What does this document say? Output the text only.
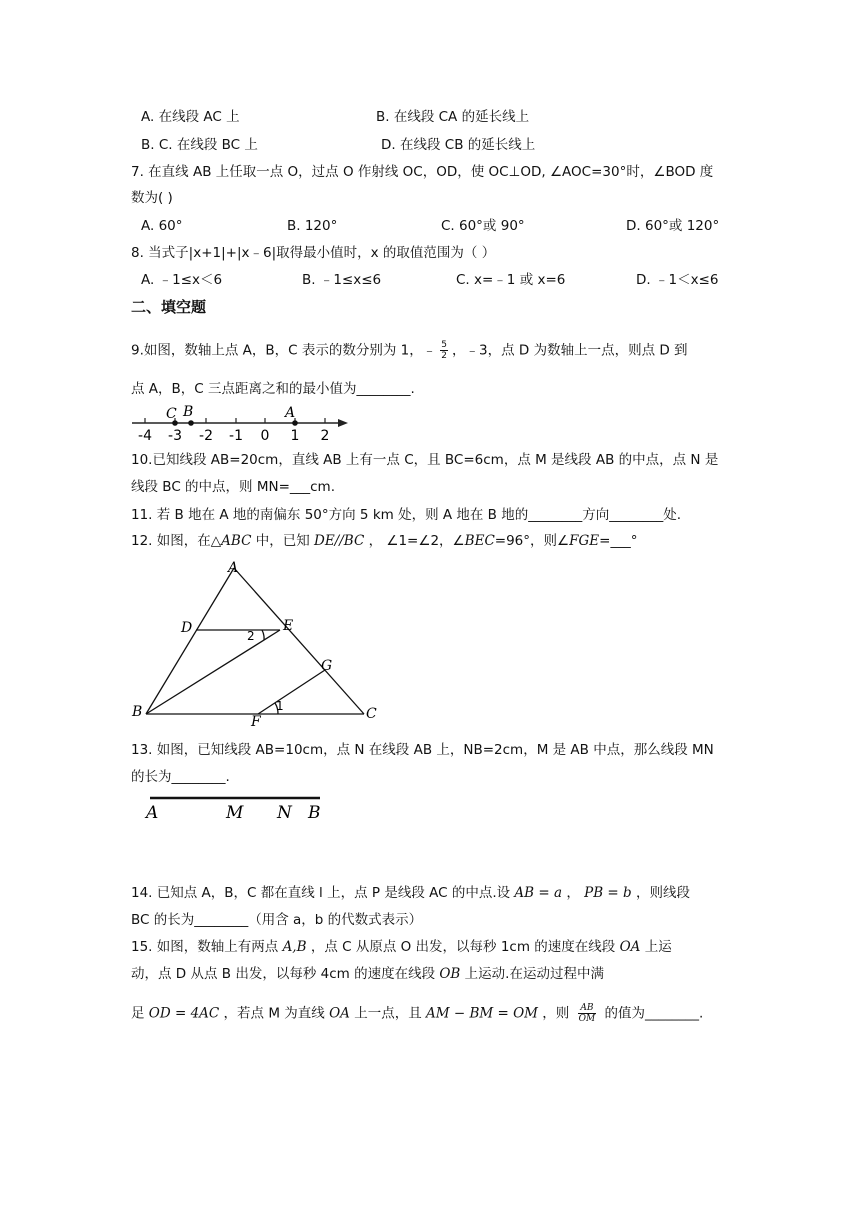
A. 在线段 AC 上	B. 在线段 CA 的延长线上
B. C. 在线段 BC 上	D. 在线段 CB 的延长线上
7. 在直线 AB 上任取一点 O，过点 O 作射线 OC，OD，使 OC⊥OD, ∠AOC=30°时，∠BOD 度
数为( )
A. 60°	B. 120°	C. 60°或 90°	D. 60°或 120°
8. 当式子|x+1|+|x﹣6|取得最小值时，x 的取值范围为（ ）
A. ﹣1≤x＜6	B. ﹣1≤x≤6	C. x=﹣1 或 x=6	D. ﹣1＜x≤6
二、填空题
9.如图，数轴上点 A，B，C 表示的数分别为 1，﹣ $\frac{5}{2}$ ，﹣3，点 D 为数轴上一点，则点 D 到
点 A，B，C 三点距离之和的最小值为________.
C B	A
-4 -3 -2 -1 0 1 2
10.已知线段 AB=20cm，直线 AB 上有一点 C，且 BC=6cm，点 M 是线段 AB 的中点，点 N 是
线段 BC 的中点，则 MN=___cm.
11. 若 B 地在 A 地的南偏东 50°方向 5 km 处，则 A 地在 B 地的________方向________处.
12. 如图，在△ABC 中，已知 DE//BC ， ∠1=∠2，∠BEC=96°，则∠FGE=___°
A
D	E
2
G
B
F
1	C
13. 如图，已知线段 AB=10cm，点 N 在线段 AB 上，NB=2cm，M 是 AB 中点，那么线段 MN
的长为________.
A	M N B
14. 已知点 A，B，C 都在直线 l 上，点 P 是线段 AC 的中点.设 AB = a ， PB = b ，则线段
BC 的长为________（用含 a，b 的代数式表示）
15. 如图，数轴上有两点 A,B ，点 C 从原点 O 出发，以每秒 1cm 的速度在线段 OA 上运
动，点 D 从点 B 出发，以每秒 4cm 的速度在线段 OB 上运动.在运动过程中满
足 OD = 4AC ，若点 M 为直线 OA 上一点，且 AM − BM = OM ，则 $\frac{AB}{OM}$ 的值为________.
